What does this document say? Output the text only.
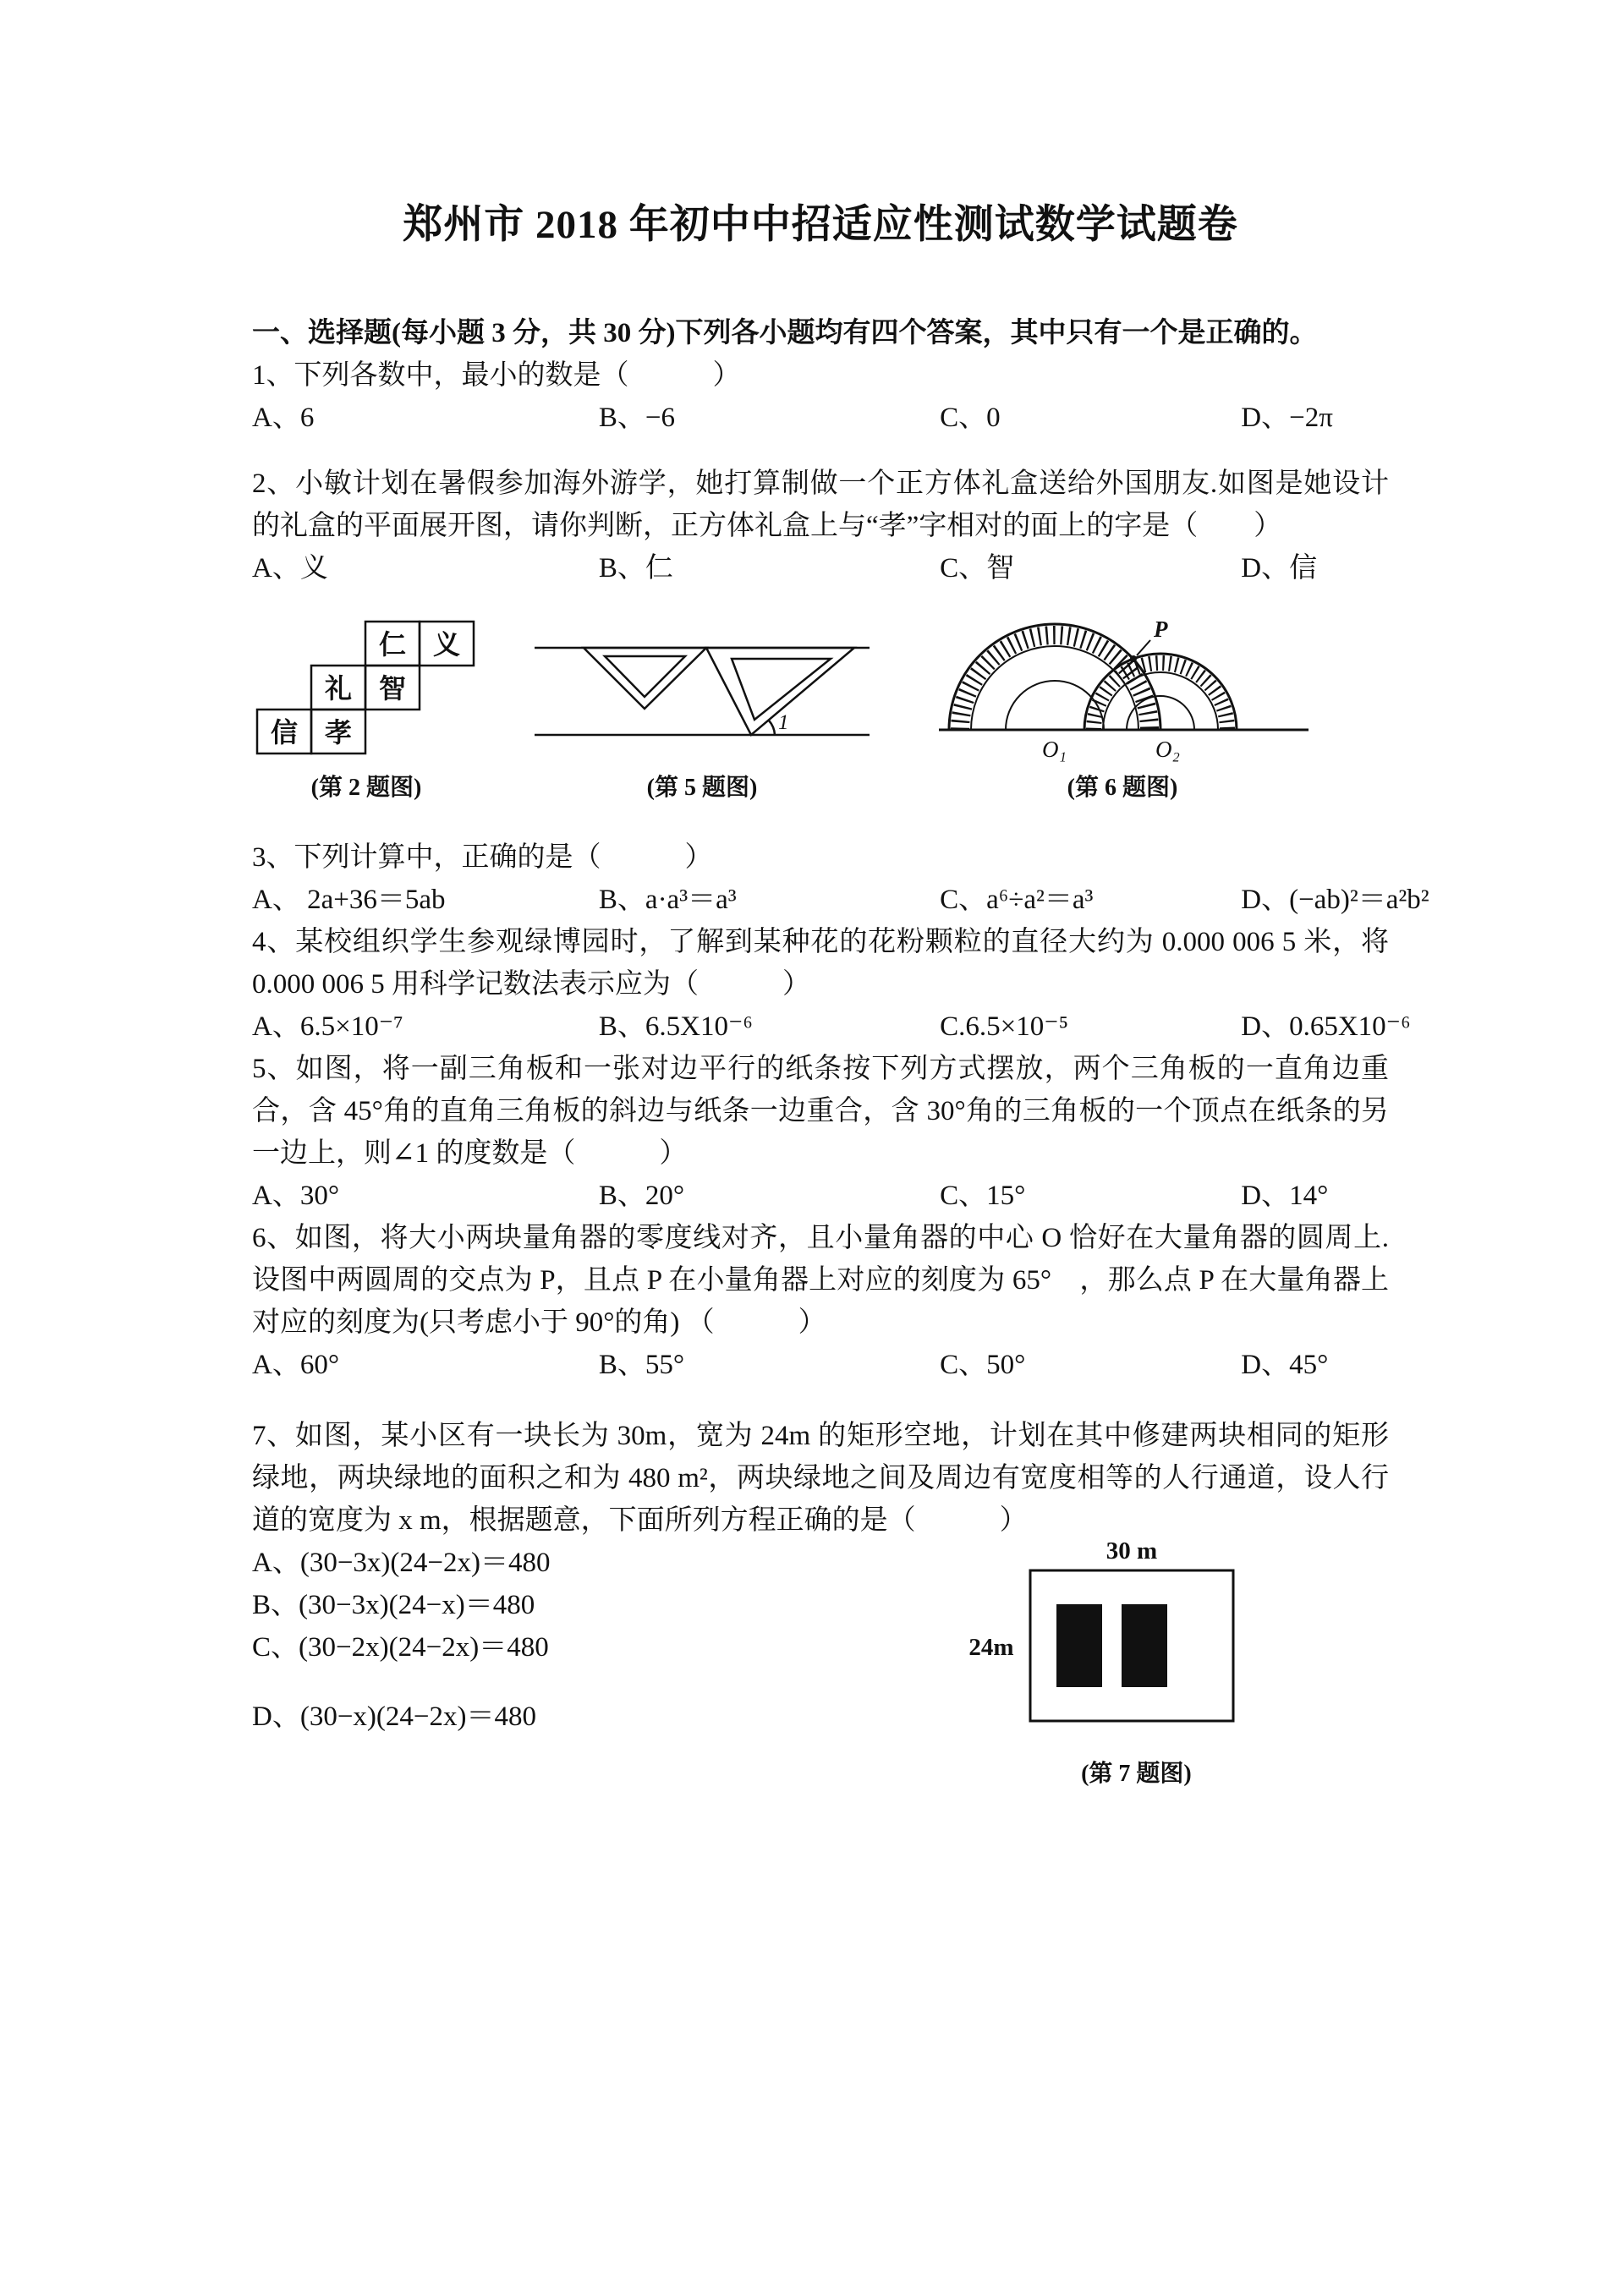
郑州市 2018 年初中中招适应性测试数学试题卷
一、选择题(每小题 3 分，共 30 分)下列各小题均有四个答案，其中只有一个是正确的。
1、下列各数中，最小的数是（　　　）
A、6	B、−6	C、0	D、−2π
2、小敏计划在暑假参加海外游学，她打算制做一个正方体礼盒送给外国朋友.如图是她设计的礼盒的平面展开图，请你判断，正方体礼盒上与“孝”字相对的面上的字是（　　）
A、义	B、仁	C、智	D、信
仁 义
礼 智
信 孝
(第 2 题图)
1
(第 5 题图)
P
O₁	O₂
(第 6 题图)
3、下列计算中，正确的是（　　　）
A、 2a+36＝5ab	B、a·a³＝a³	C、a⁶÷a²＝a³	D、(−ab)²＝a²b²
4、某校组织学生参观绿博园时，了解到某种花的花粉颗粒的直径大约为 0.000 006 5 米，将 0.000 006 5 用科学记数法表示应为（　　　）
A、6.5×10⁻⁷	B、6.5X10⁻⁶	C.6.5×10⁻⁵	D、0.65X10⁻⁶
5、如图，将一副三角板和一张对边平行的纸条按下列方式摆放，两个三角板的一直角边重合，含 45°角的直角三角板的斜边与纸条一边重合，含 30°角的三角板的一个顶点在纸条的另一边上，则∠1 的度数是（　　　）
A、30°	B、20°	C、15°	D、14°
6、如图，将大小两块量角器的零度线对齐，且小量角器的中心 O 恰好在大量角器的圆周上.设图中两圆周的交点为 P，且点 P 在小量角器上对应的刻度为 65°　，那么点 P 在大量角器上对应的刻度为(只考虑小于 90°的角) （　　　）
A、60°	B、55°	C、50°	D、45°
7、如图，某小区有一块长为 30m，宽为 24m 的矩形空地，计划在其中修建两块相同的矩形绿地，两块绿地的面积之和为 480 m²，两块绿地之间及周边有宽度相等的人行通道，设人行道的宽度为 x m，根据题意，下面所列方程正确的是（　　　）
A、(30−3x)(24−2x)＝480
B、(30−3x)(24−x)＝480
C、(30−2x)(24−2x)＝480
D、(30−x)(24−2x)＝480
30 m
24m
(第 7 题图)
